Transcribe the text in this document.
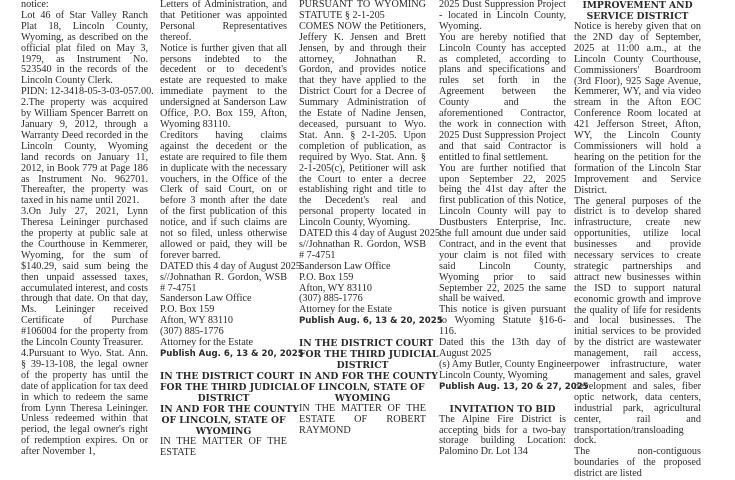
notice:
Lot 46 of Star Valley Ranch Plat 18, Lincoln County, Wyoming, as described on the official plat filed on May 3, 1979, as Instrument No. 523540 in the records of the Lincoln County Clerk.
PIDN: 12-3418-05-3-03-057.00.
2.The property was acquired by William Spencer Barrett on January 9, 2012, through a Warranty Deed recorded in the Lincoln County, Wyoming land records on January 11, 2012, in Book 779 at Page 186 as Instrument No. 962701. Thereafter, the property was taxed in his name until 2021.
3.On July 27, 2021, Lynn Theresa Leininger purchased the property at public sale at the Courthouse in Kemmerer, Wyoming, for the sum of $140.29, said sum being the then unpaid assessed taxes, accumulated interest, and costs through that date. On that day, Ms. Leininger received Certificate of Purchase #106004 for the property from the Lincoln County Treasurer.
4.Pursuant to Wyo. Stat. Ann. § 39-13-108, the legal owner of the property has until the date of application for tax deed in which to redeem the same from Lynn Theresa Leininger. Unless redeemed within that period, the legal owner's right of redemption expires. On or after November 1,
Letters of Administration, and that Petitioner was appointed Personal Representatives thereof.
Notice is further given that all persons indebted to the decedent or to decedent's estate are requested to make immediate payment to the undersigned at Sanderson Law Office, P.O. Box 159, Afton, Wyoming 83110.
Creditors having claims against the decedent or the estate are required to file them in duplicate with the necessary vouchers, in the Office of the Clerk of said Court, on or before 3 month after the date of the first publication of this notice, and if such claims are not so filed, unless otherwise allowed or paid, they will be forever barred.
DATED this 4 day of August 2025.
s//Johnathan R. Gordon, WSB # 7-4751
Sanderson Law Office
P.O. Box 159
Afton, WY 83110
(307) 885-1776
Attorney for the Estate
Publish Aug. 6, 13 & 20, 2025
IN THE DISTRICT COURT
FOR THE THIRD JUDICIAL
DISTRICT
IN AND FOR THE COUNTY
OF LINCOLN, STATE OF
WYOMING
IN THE MATTER OF THE ESTATE
PURSUANT TO WYOMING STATUTE § 2-1-205
COMES NOW the Petitioners, Jeffery K. Jensen and Brett Jensen, by and through their attorney, Johnathan R. Gordon, and provides notice that they have applied to the District Court for a Decree of Summary Administration of the Estate of Nadine Jensen, deceased, pursuant to Wyo. Stat. Ann. § 2-1-205. Upon completion of publication, as required by Wyo. Stat. Ann. § 2-1-205(c), Petitioner will ask the Court to enter a decree establishing right and title to the Decedent's real and personal property located in Lincoln County, Wyoming.
DATED this 4 day of August 2025.
s//Johnathan R. Gordon, WSB # 7-4751
Sanderson Law Office
P.O. Box 159
Afton, WY 83110
(307) 885-1776
Attorney for the Estate
Publish Aug. 6, 13 & 20, 2025
IN THE DISTRICT COURT
FOR THE THIRD JUDICIAL
DISTRICT
IN AND FOR THE COUNTY
OF LINCOLN, STATE OF
WYOMING
IN THE MATTER OF THE ESTATE OF ROBERT RAYMOND
2025 Dust Suppression Project - located in Lincoln County, Wyoming.
You are hereby notified that Lincoln County has accepted as completed, according to plans and specifications and rules set forth in the Agreement between the County and the aforementioned Contractor, the work in connection with 2025 Dust Suppression Project and that said Contractor is entitled to final settlement.
You are further notified that upon September 22, 2025 being the 41st day after the first publication of this Notice, Lincoln County will pay to Dustbusters Enterprise, Inc. the full amount due under said Contract, and in the event that your claim is not filed with said Lincoln County, Wyoming prior to said September 22, 2025 the same shall be waived.
This notice is given pursuant to Wyoming Statute §16-6-116.
Dated this the 13th day of August 2025
(s) Amy Butler, County Engineer
Lincoln County, Wyoming
Publish Aug. 13, 20 & 27, 2025
INVITATION TO BID
The Alpine Fire District is accepting bids for a two-bay storage building Location: Palomino Dr. Lot 134
IMPROVEMENT AND
SERVICE DISTRICT
Notice is hereby given that on the 2ND day of September, 2025 at 11:00 a.m., at the Lincoln County Courthouse, Commissioners' Boardroom (3rd Floor), 925 Sage Avenue, Kemmerer, WY, and via video stream in the Afton EOC Conference Room located at 421 Jefferson Street, Afton, WY, the Lincoln County Commissioners will hold a hearing on the petition for the formation of the Lincoln Star Improvement and Service District.
The general purposes of the district is to develop shared infrastructure, create new opportunities, utilize local businesses and provide necessary services to create strategic partnerships and attract new businesses within the ISD to support natural economic growth and improve the quality of life for residents and local businesses. The initial services to be provided by the district are wastewater management, rail access, power infrastructure, water management and sales, gravel development and sales, fiber optic network, data centers, industrial park, agricultural center, rail and transportation/transloading dock.
The non-contiguous boundaries of the proposed district are listed
